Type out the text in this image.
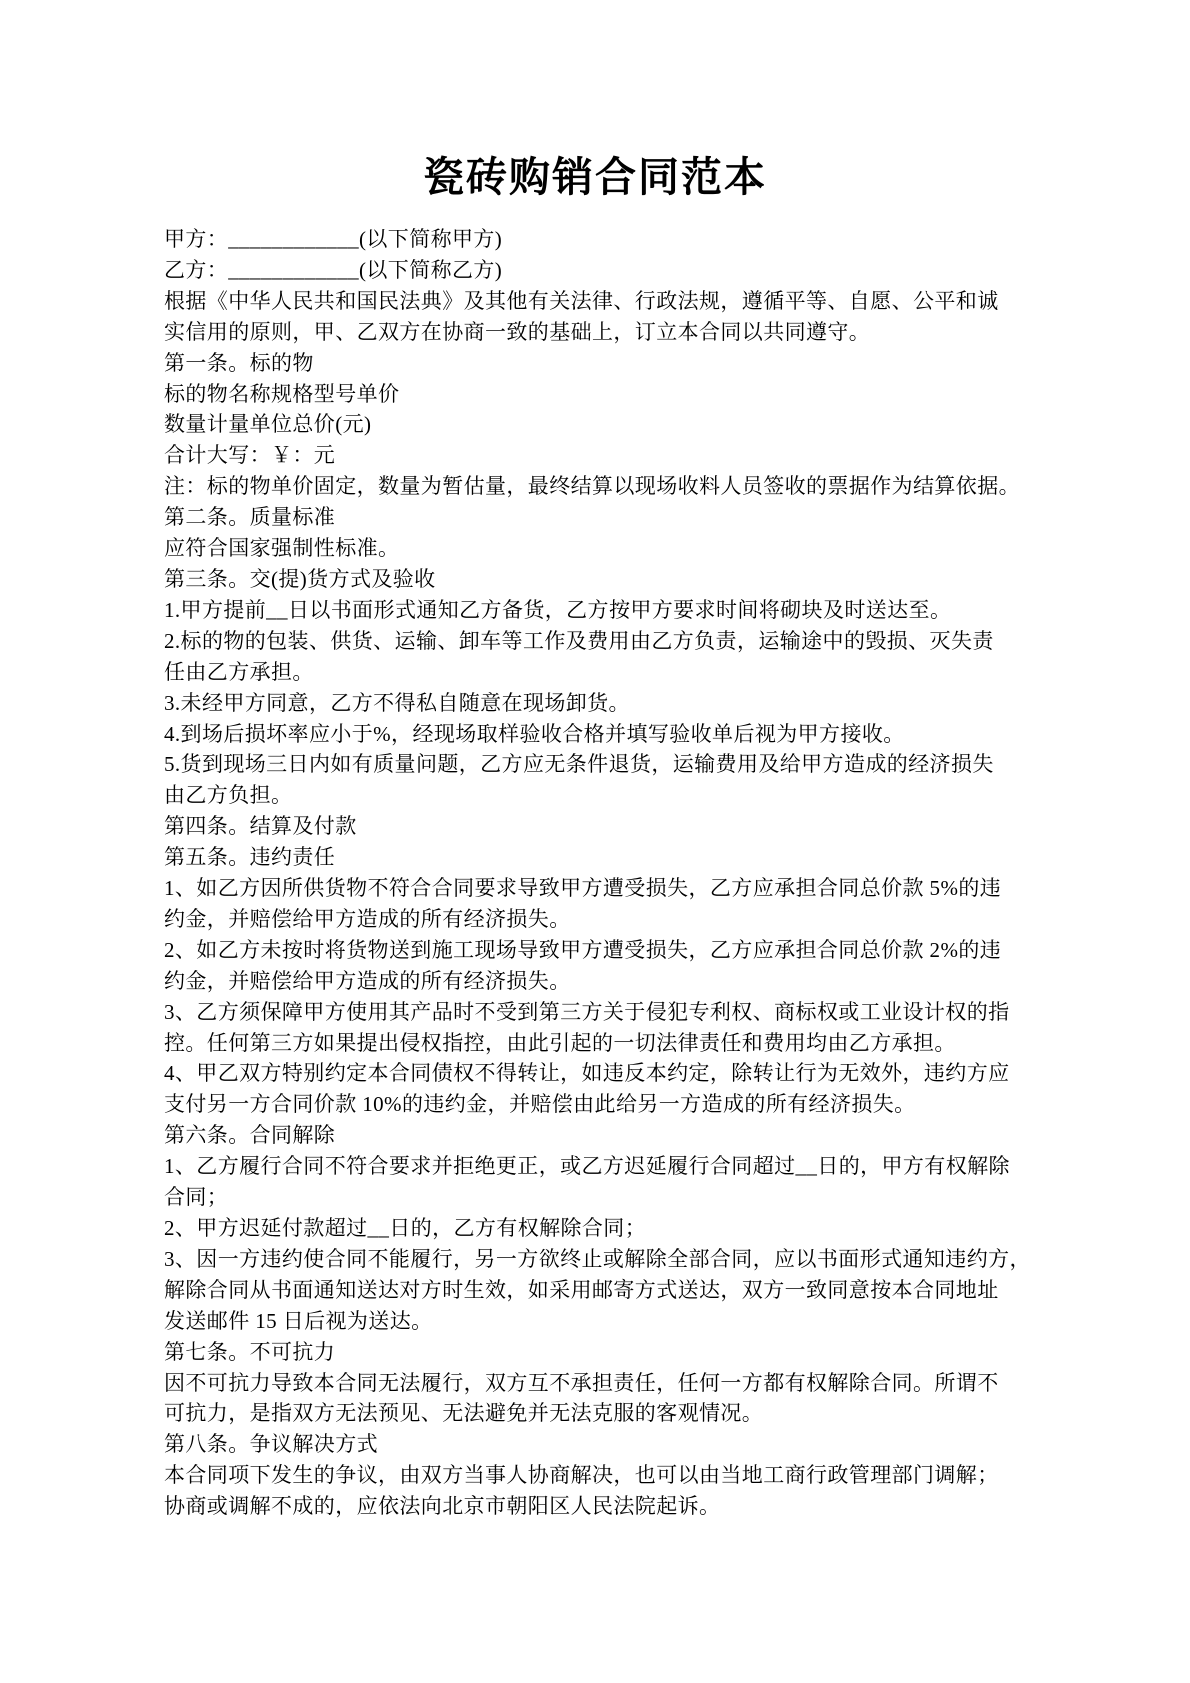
瓷砖购销合同范本
甲方：____________(以下简称甲方)
乙方：____________(以下简称乙方)
根据《中华人民共和国民法典》及其他有关法律、行政法规，遵循平等、自愿、公平和诚
实信用的原则，甲、乙双方在协商一致的基础上，订立本合同以共同遵守。
第一条。标的物
标的物名称规格型号单价
数量计量单位总价(元)
合计大写：￥：元
注：标的物单价固定，数量为暂估量，最终结算以现场收料人员签收的票据作为结算依据。
第二条。质量标准
应符合国家强制性标准。
第三条。交(提)货方式及验收
1.甲方提前__日以书面形式通知乙方备货，乙方按甲方要求时间将砌块及时送达至。
2.标的物的包装、供货、运输、卸车等工作及费用由乙方负责，运输途中的毁损、灭失责
任由乙方承担。
3.未经甲方同意，乙方不得私自随意在现场卸货。
4.到场后损坏率应小于%，经现场取样验收合格并填写验收单后视为甲方接收。
5.货到现场三日内如有质量问题，乙方应无条件退货，运输费用及给甲方造成的经济损失
由乙方负担。
第四条。结算及付款
第五条。违约责任
1、如乙方因所供货物不符合合同要求导致甲方遭受损失，乙方应承担合同总价款 5%的违
约金，并赔偿给甲方造成的所有经济损失。
2、如乙方未按时将货物送到施工现场导致甲方遭受损失，乙方应承担合同总价款 2%的违
约金，并赔偿给甲方造成的所有经济损失。
3、乙方须保障甲方使用其产品时不受到第三方关于侵犯专利权、商标权或工业设计权的指
控。任何第三方如果提出侵权指控，由此引起的一切法律责任和费用均由乙方承担。
4、甲乙双方特别约定本合同债权不得转让，如违反本约定，除转让行为无效外，违约方应
支付另一方合同价款 10%的违约金，并赔偿由此给另一方造成的所有经济损失。
第六条。合同解除
1、乙方履行合同不符合要求并拒绝更正，或乙方迟延履行合同超过__日的，甲方有权解除
合同；
2、甲方迟延付款超过__日的，乙方有权解除合同；
3、因一方违约使合同不能履行，另一方欲终止或解除全部合同，应以书面形式通知违约方，
解除合同从书面通知送达对方时生效，如采用邮寄方式送达，双方一致同意按本合同地址
发送邮件 15 日后视为送达。
第七条。不可抗力
因不可抗力导致本合同无法履行，双方互不承担责任，任何一方都有权解除合同。所谓不
可抗力，是指双方无法预见、无法避免并无法克服的客观情况。
第八条。争议解决方式
本合同项下发生的争议，由双方当事人协商解决，也可以由当地工商行政管理部门调解；
协商或调解不成的，应依法向北京市朝阳区人民法院起诉。
